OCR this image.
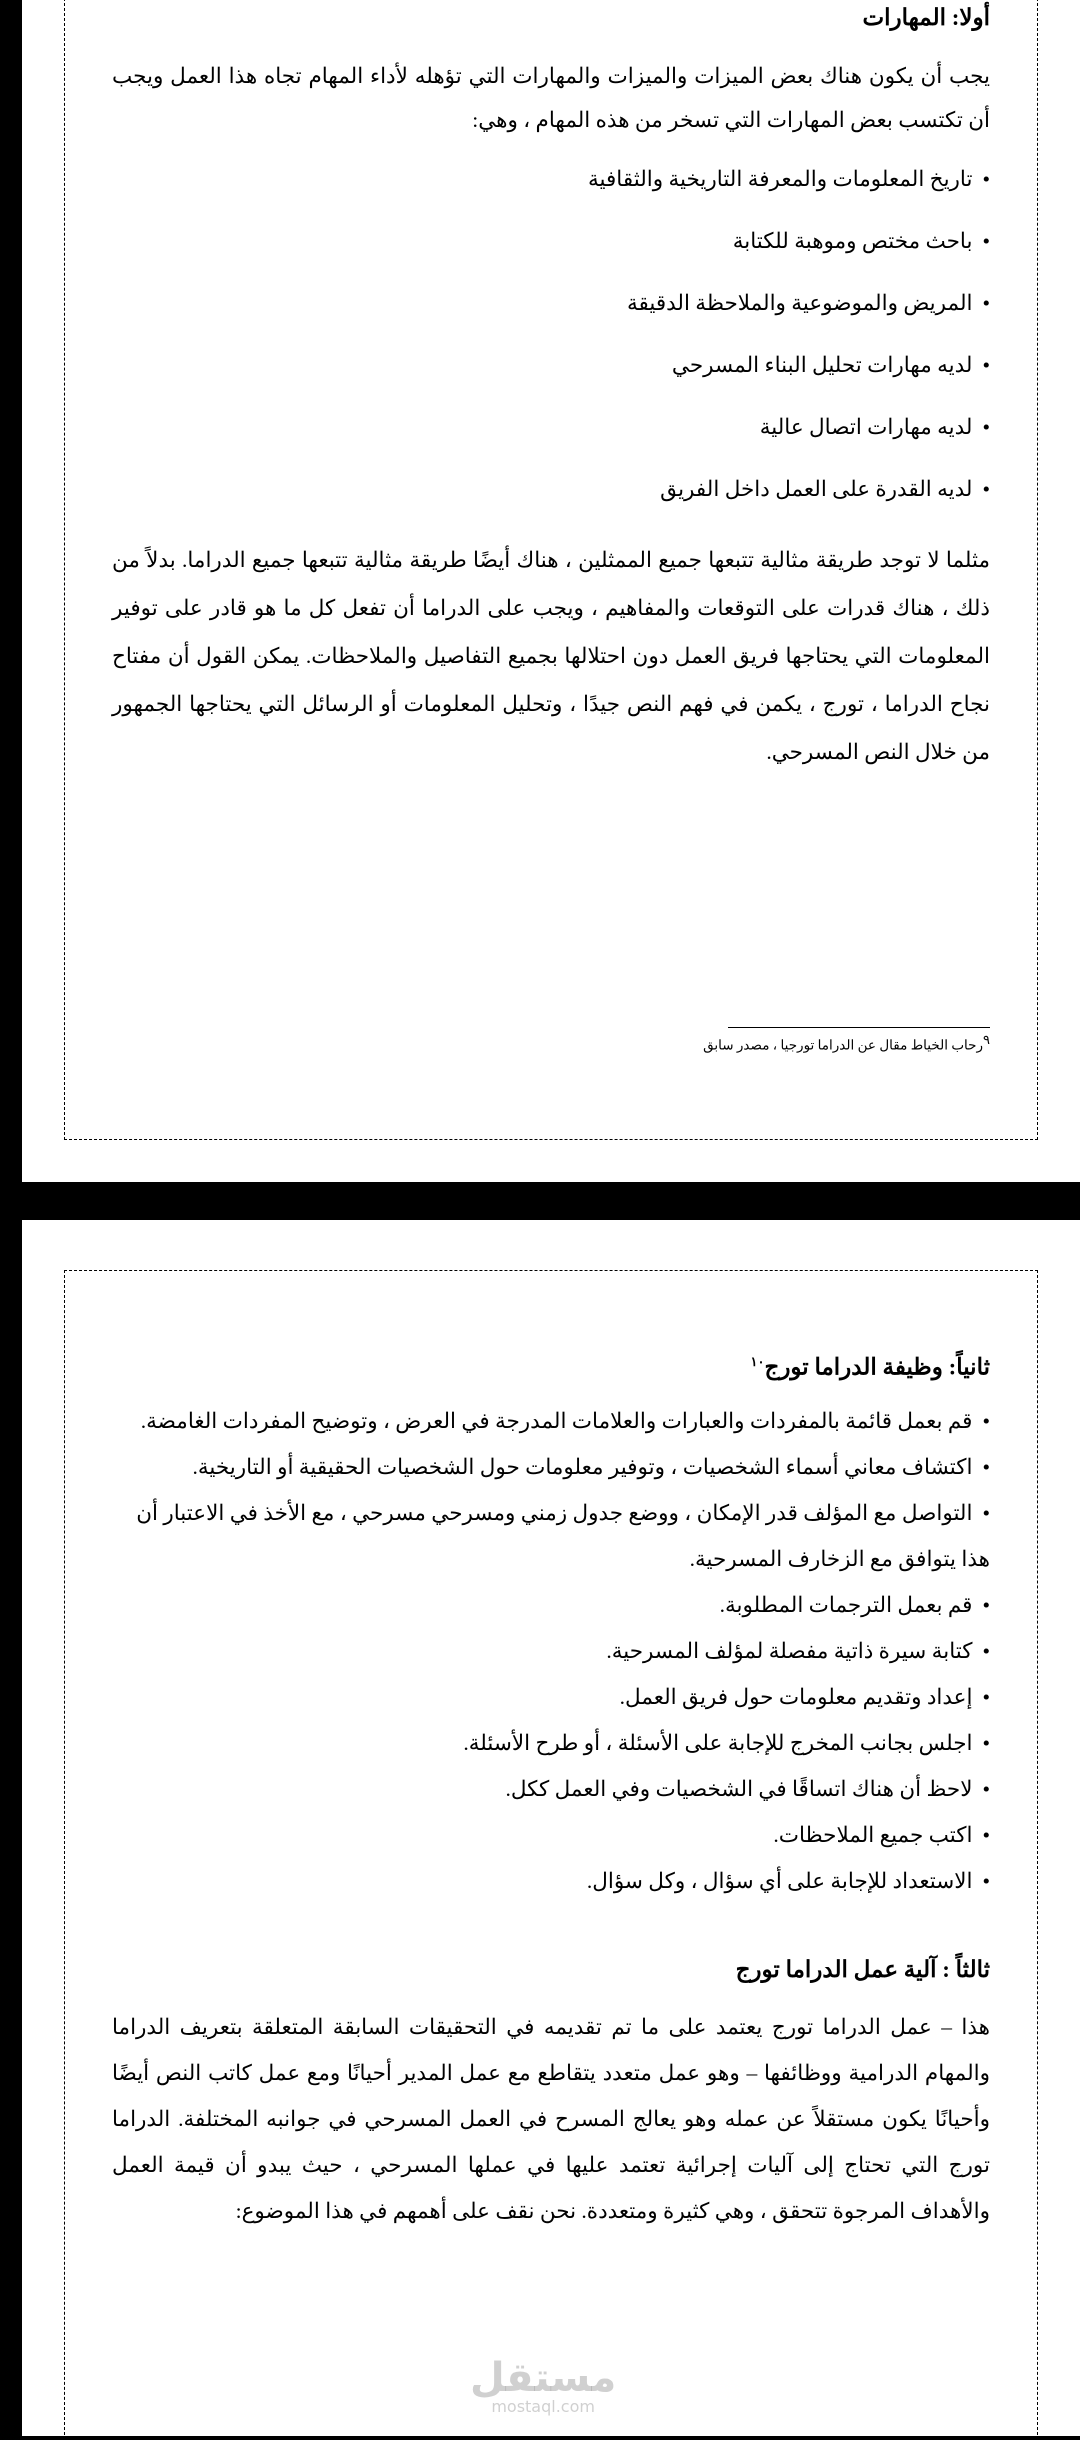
أولا: المهارات

يجب أن يكون هناك بعض الميزات والميزات والمهارات التي تؤهله لأداء المهام تجاه هذا العمل ويجب أن تكتسب بعض المهارات التي تسخر من هذه المهام ، وهي:

• تاريخ المعلومات والمعرفة التاريخية والثقافية
• باحث مختص وموهبة للكتابة
• المريض والموضوعية والملاحظة الدقيقة
• لديه مهارات تحليل البناء المسرحي
• لديه مهارات اتصال عالية
• لديه القدرة على العمل داخل الفريق

مثلما لا توجد طريقة مثالية تتبعها جميع الممثلين ، هناك أيضًا طريقة مثالية تتبعها جميع الدراما. بدلاً من ذلك ، هناك قدرات على التوقعات والمفاهيم ، ويجب على الدراما أن تفعل كل ما هو قادر على توفير المعلومات التي يحتاجها فريق العمل دون احتلالها بجميع التفاصيل والملاحظات. يمكن القول أن مفتاح نجاح الدراما ، تورج ، يكمن في فهم النص جيدًا ، وتحليل المعلومات أو الرسائل التي يحتاجها الجمهور من خلال النص المسرحي.

$^٩$رحاب الخياط مقال عن الدراما تورجيا ، مصدر سابق
ثانياً: وظيفة الدراما تورج$^{١٠}$
• قم بعمل قائمة بالمفردات والعبارات والعلامات المدرجة في العرض ، وتوضيح المفردات الغامضة.
• اكتشاف معاني أسماء الشخصيات ، وتوفير معلومات حول الشخصيات الحقيقية أو التاريخية.
• التواصل مع المؤلف قدر الإمكان ، ووضع جدول زمني ومسرحي مسرحي ، مع الأخذ في الاعتبار أن هذا يتوافق مع الزخارف المسرحية.
• قم بعمل الترجمات المطلوبة.
• كتابة سيرة ذاتية مفصلة لمؤلف المسرحية.
• إعداد وتقديم معلومات حول فريق العمل.
• اجلس بجانب المخرج للإجابة على الأسئلة ، أو طرح الأسئلة.
• لاحظ أن هناك اتساقًا في الشخصيات وفي العمل ككل.
• اكتب جميع الملاحظات.
• الاستعداد للإجابة على أي سؤال ، وكل سؤال.
ثالثاً : آلية عمل الدراما تورج

هذا – عمل الدراما تورج يعتمد على ما تم تقديمه في التحقيقات السابقة المتعلقة بتعريف الدراما والمهام الدرامية ووظائفها – وهو عمل متعدد يتقاطع مع عمل المدير أحيانًا ومع عمل كاتب النص أيضًا وأحيانًا يكون مستقلاً عن عمله وهو يعالج المسرح في العمل المسرحي في جوانبه المختلفة. الدراما تورج التي تحتاج إلى آليات إجرائية تعتمد عليها في عملها المسرحي ، حيث يبدو أن قيمة العمل والأهداف المرجوة تتحقق ، وهي كثيرة ومتعددة. نحن نقف على أهمهم في هذا الموضوع:

مستقل
mostaql.com
